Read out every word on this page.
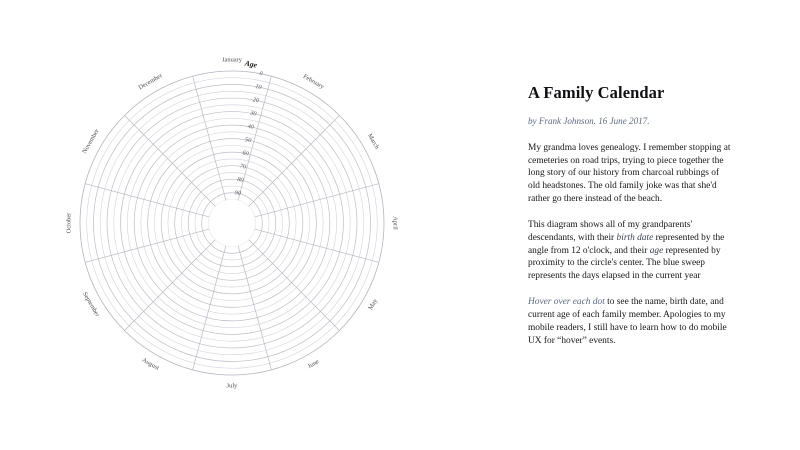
January
February
March
April
May
June
July
August
September
October
November
December	0
10
20
30
40
50
60
70
80
90
Age
A Family Calendar
by Frank Johnson. 16 June 2017.

My grandma loves genealogy. I remember stopping at cemeteries on road trips, trying to piece together the long story of our history from charcoal rubbings of old headstones. The old family joke was that she'd rather go there instead of the beach.

This diagram shows all of my grandparents' descendants, with their birth date represented by the angle from 12 o'clock, and their age represented by proximity to the circle's center. The blue sweep represents the days elapsed in the current year

Hover over each dot to see the name, birth date, and current age of each family member. Apologies to my mobile readers, I still have to learn how to do mobile UX for “hover” events.
